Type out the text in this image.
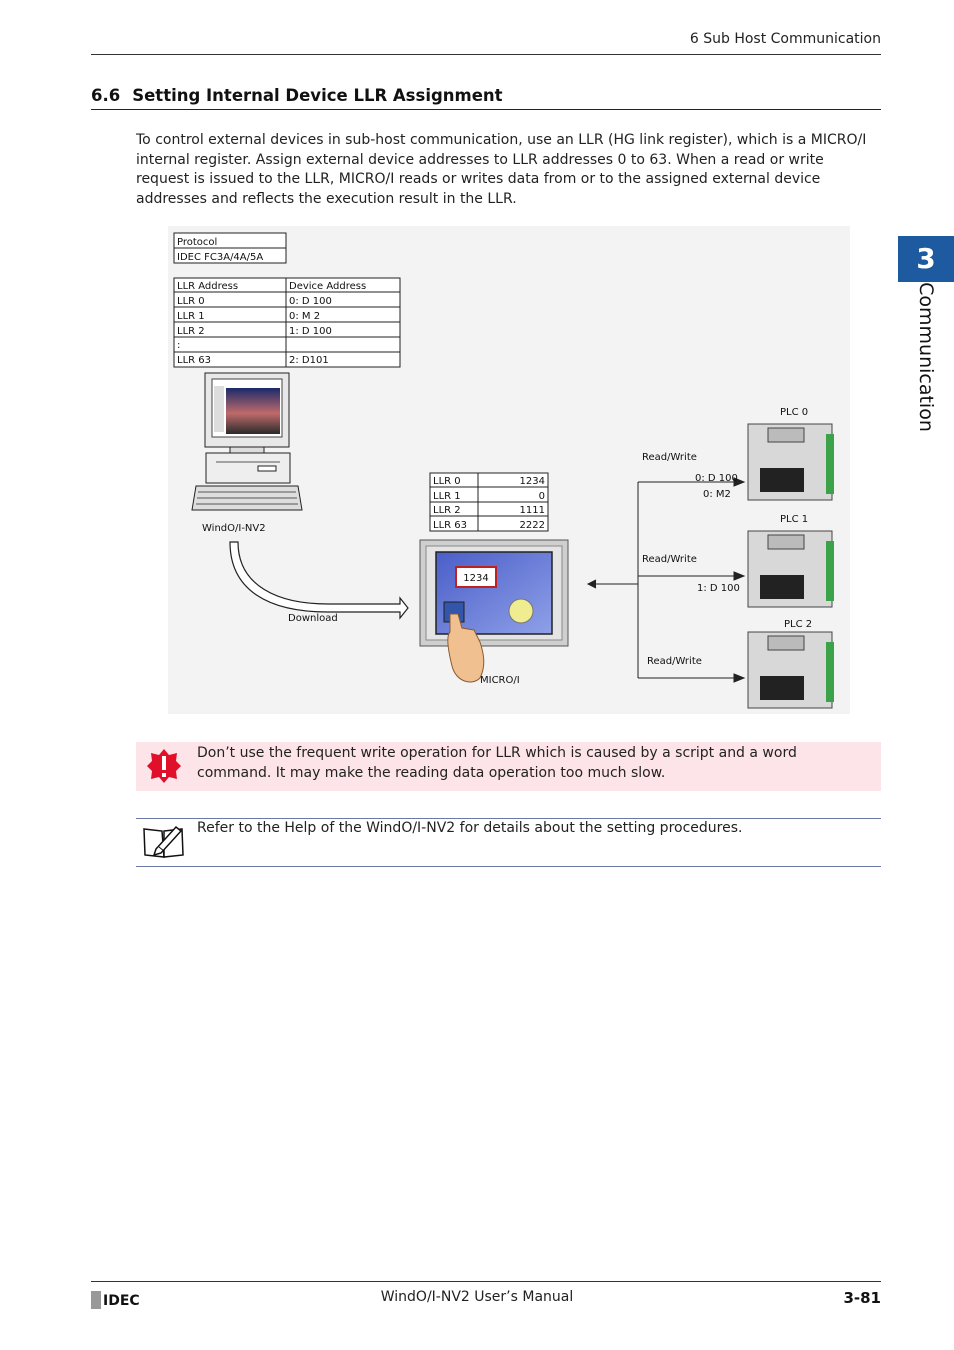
6 Sub Host Communication
6.6 Setting Internal Device LLR Assignment
To control external devices in sub-host communication, use an LLR (HG link register), which is a MICRO/I internal register. Assign external device addresses to LLR addresses 0 to 63. When a read or write request is issued to the LLR, MICRO/I reads or writes data from or to the assigned external device addresses and reflects the execution result in the LLR.
3
Communication
Protocol
IDEC FC3A/4A/5A
LLR Address	Device Address
LLR 0	0: D 100
LLR 1	0: M 2
LLR 2	1: D 100
:
LLR 63	2: D101
WindO/I-NV2
Download
LLR 0	1234
LLR 1	0
LLR 2	1111
LLR 63	2222
1234
MICRO/I
Read/Write
0: D 100
0: M2
Read/Write
1: D 100
Read/Write
PLC 0
PLC 1
PLC 2
Don’t use the frequent write operation for LLR which is caused by a script and a word command. It may make the reading data operation too much slow.
Refer to the Help of the WindO/I-NV2 for details about the setting procedures.
IDEC	WindO/I-NV2 User’s Manual	3-81
